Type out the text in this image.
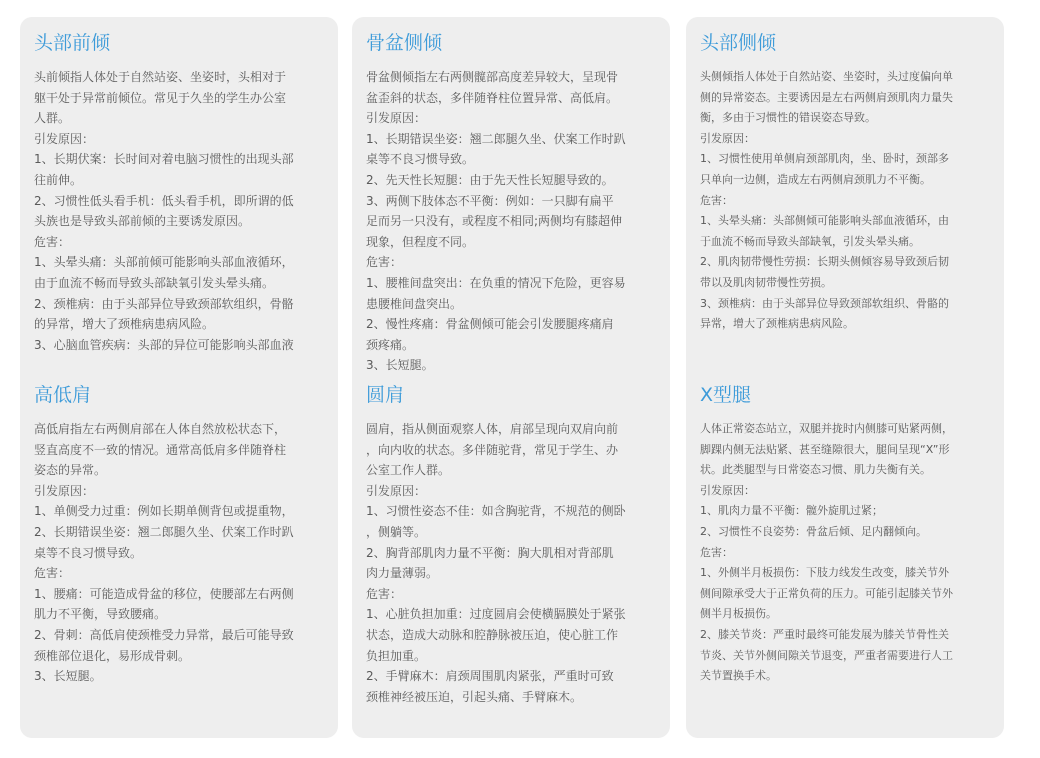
头部前倾
头前倾指人体处于自然站姿、坐姿时，头相对于
躯干处于异常前倾位。常见于久坐的学生办公室
人群。
引发原因：
1、长期伏案：长时间对着电脑习惯性的出现头部
往前伸。
2、习惯性低头看手机：低头看手机，即所谓的低
头族也是导致头部前倾的主要诱发原因。
危害：
1、头晕头痛：头部前倾可能影响头部血液循环，
由于血流不畅而导致头部缺氧引发头晕头痛。
2、颈椎病：由于头部异位导致颈部软组织，骨骼
的异常，增大了颈椎病患病风险。
3、心脑血管疾病：头部的异位可能影响头部血液
骨盆侧倾
骨盆侧倾指左右两侧髋部高度差异较大，呈现骨
盆歪斜的状态，多伴随脊柱位置异常、高低肩。
引发原因：
1、长期错误坐姿：翘二郎腿久坐、伏案工作时趴
桌等不良习惯导致。
2、先天性长短腿：由于先天性长短腿导致的。
3、两侧下肢体态不平衡：例如：一只脚有扁平
足而另一只没有，或程度不相同;两侧均有膝超伸
现象，但程度不同。
危害：
1、腰椎间盘突出：在负重的情况下危险，更容易
患腰椎间盘突出。
2、慢性疼痛：骨盆侧倾可能会引发腰腿疼痛肩
颈疼痛。
3、长短腿。
头部侧倾
头侧倾指人体处于自然站姿、坐姿时，头过度偏向单
侧的异常姿态。主要诱因是左右两侧肩颈肌肉力量失
衡，多由于习惯性的错误姿态导致。
引发原因：
1、习惯性使用单侧肩颈部肌肉，坐、卧时，颈部多
只单向一边侧，造成左右两侧肩颈肌力不平衡。
危害：
1、头晕头痛：头部侧倾可能影响头部血液循环，由
于血流不畅而导致头部缺氧，引发头晕头痛。
2、肌肉韧带慢性劳损：长期头侧倾容易导致颈后韧
带以及肌肉韧带慢性劳损。
3、颈椎病：由于头部异位导致颈部软组织、骨骼的
异常，增大了颈椎病患病风险。
高低肩
高低肩指左右两侧肩部在人体自然放松状态下，
竖直高度不一致的情况。通常高低肩多伴随脊柱
姿态的异常。
引发原因：
1、单侧受力过重：例如长期单侧背包或提重物，
2、长期错误坐姿：翘二郎腿久坐、伏案工作时趴
桌等不良习惯导致。
危害：
1、腰痛：可能造成骨盆的移位，使腰部左右两侧
肌力不平衡，导致腰痛。
2、骨刺：高低肩使颈椎受力异常，最后可能导致
颈椎部位退化，易形成骨刺。
3、长短腿。
圆肩
圆肩，指从侧面观察人体，肩部呈现向双肩向前
，向内收的状态。多伴随驼背，常见于学生、办
公室工作人群。
引发原因：
1、习惯性姿态不佳：如含胸驼背，不规范的侧卧
，侧躺等。
2、胸背部肌肉力量不平衡：胸大肌相对背部肌
肉力量薄弱。
危害：
1、心脏负担加重：过度圆肩会使横膈膜处于紧张
状态，造成大动脉和腔静脉被压迫，使心脏工作
负担加重。
2、手臂麻木：肩颈周围肌肉紧张，严重时可致
颈椎神经被压迫，引起头痛、手臂麻木。
X型腿
人体正常姿态站立，双腿并拢时内侧膝可贴紧两侧，
脚踝内侧无法贴紧、甚至缝隙很大，腿间呈现“X”形
状。此类腿型与日常姿态习惯、肌力失衡有关。
引发原因：
1、肌肉力量不平衡：髋外旋肌过紧；
2、习惯性不良姿势：骨盆后倾、足内翻倾向。
危害：
1、外侧半月板损伤：下肢力线发生改变，膝关节外
侧间隙承受大于正常负荷的压力。可能引起膝关节外
侧半月板损伤。
2、膝关节炎：严重时最终可能发展为膝关节骨性关
节炎、关节外侧间隙关节退变，严重者需要进行人工
关节置换手术。
